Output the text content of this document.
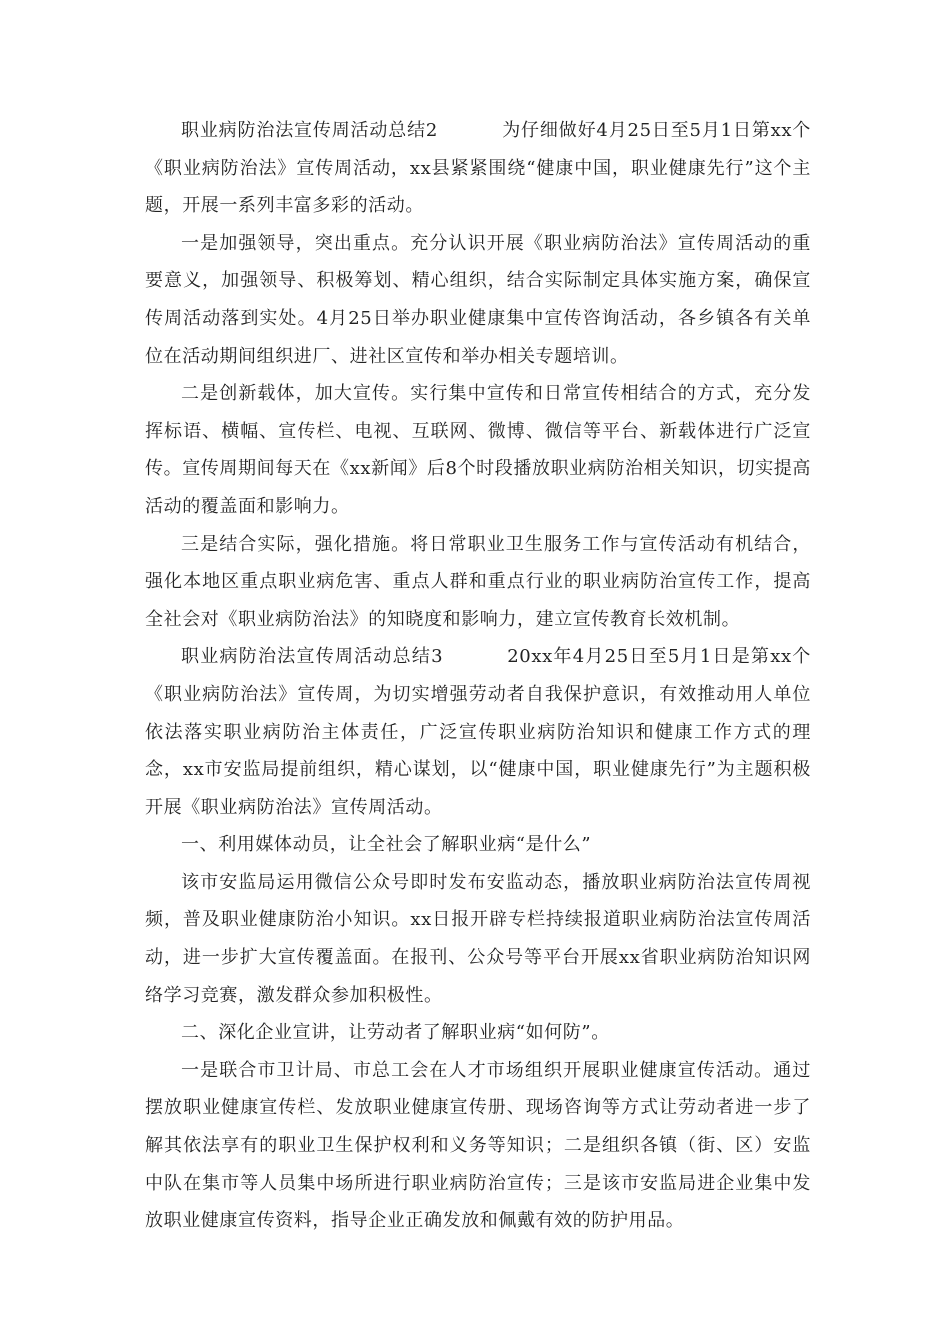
职业病防治法宣传周活动总结2	为仔细做好4月25日至5月1日第xx个《职业病防治法》宣传周活动，xx县紧紧围绕“健康中国，职业健康先行”这个主题，开展一系列丰富多彩的活动。

一是加强领导，突出重点。充分认识开展《职业病防治法》宣传周活动的重要意义，加强领导、积极筹划、精心组织，结合实际制定具体实施方案，确保宣传周活动落到实处。4月25日举办职业健康集中宣传咨询活动，各乡镇各有关单位在活动期间组织进厂、进社区宣传和举办相关专题培训。

二是创新载体，加大宣传。实行集中宣传和日常宣传相结合的方式，充分发挥标语、横幅、宣传栏、电视、互联网、微博、微信等平台、新载体进行广泛宣传。宣传周期间每天在《xx新闻》后8个时段播放职业病防治相关知识，切实提高活动的覆盖面和影响力。

三是结合实际，强化措施。将日常职业卫生服务工作与宣传活动有机结合，强化本地区重点职业病危害、重点人群和重点行业的职业病防治宣传工作，提高全社会对《职业病防治法》的知晓度和影响力，建立宣传教育长效机制。

职业病防治法宣传周活动总结3	20xx年4月25日至5月1日是第xx个《职业病防治法》宣传周，为切实增强劳动者自我保护意识，有效推动用人单位依法落实职业病防治主体责任，广泛宣传职业病防治知识和健康工作方式的理念，xx市安监局提前组织，精心谋划，以“健康中国，职业健康先行”为主题积极开展《职业病防治法》宣传周活动。

一、利用媒体动员，让全社会了解职业病“是什么”

该市安监局运用微信公众号即时发布安监动态，播放职业病防治法宣传周视频，普及职业健康防治小知识。xx日报开辟专栏持续报道职业病防治法宣传周活动，进一步扩大宣传覆盖面。在报刊、公众号等平台开展xx省职业病防治知识网络学习竞赛，激发群众参加积极性。

二、深化企业宣讲，让劳动者了解职业病“如何防”。

一是联合市卫计局、市总工会在人才市场组织开展职业健康宣传活动。通过摆放职业健康宣传栏、发放职业健康宣传册、现场咨询等方式让劳动者进一步了解其依法享有的职业卫生保护权利和义务等知识；二是组织各镇（街、区）安监中队在集市等人员集中场所进行职业病防治宣传；三是该市安监局进企业集中发放职业健康宣传资料，指导企业正确发放和佩戴有效的防护用品。
